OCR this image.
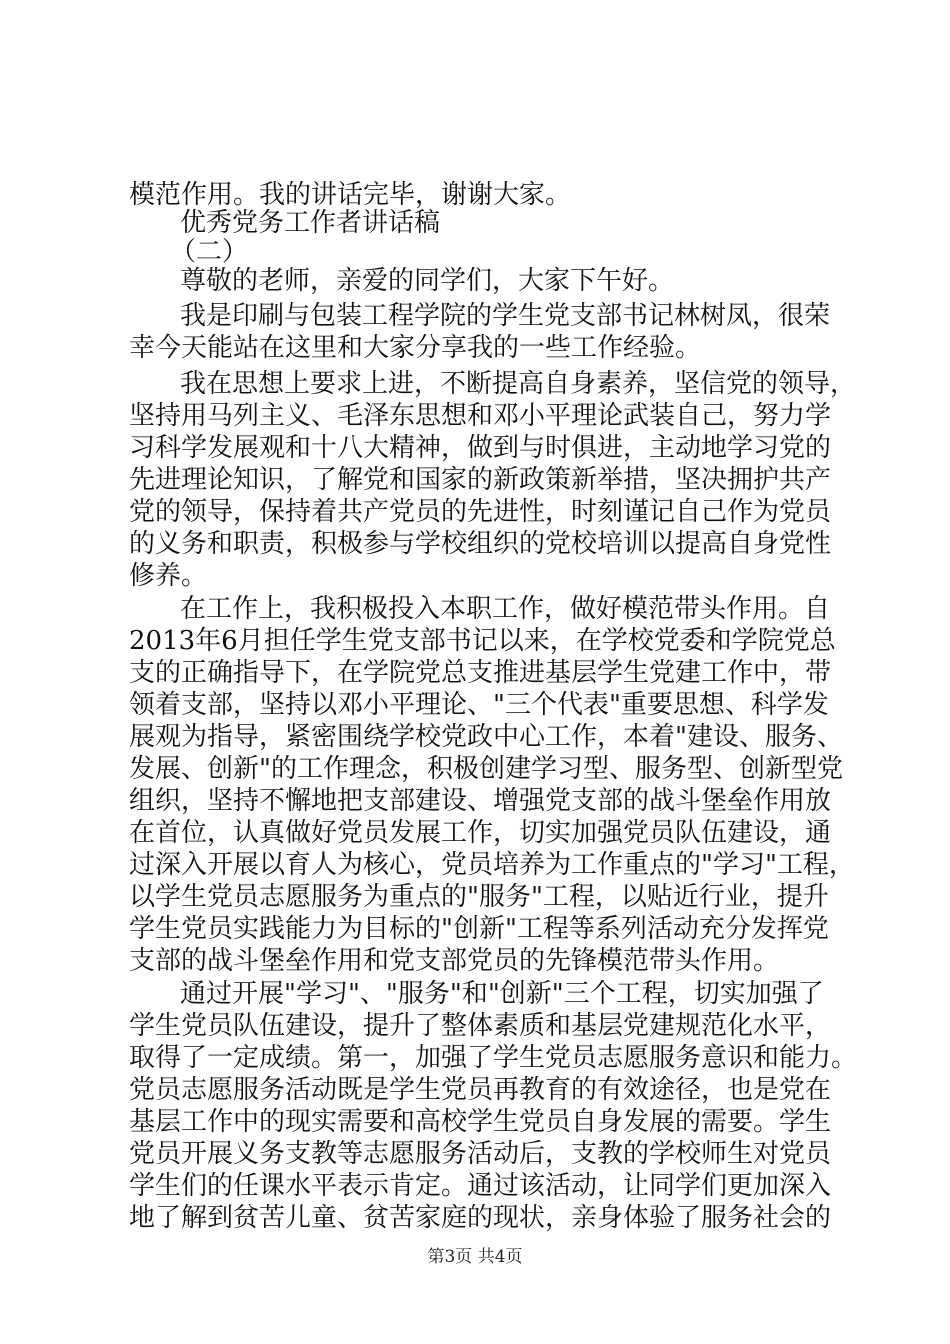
模范作用。我的讲话完毕，谢谢大家。
优秀党务工作者讲话稿
（二）
尊敬的老师，亲爱的同学们，大家下午好。
我是印刷与包装工程学院的学生党支部书记林树凤，很荣
幸今天能站在这里和大家分享我的一些工作经验。
我在思想上要求上进，不断提高自身素养，坚信党的领导，
坚持用马列主义、毛泽东思想和邓小平理论武装自己，努力学
习科学发展观和十八大精神，做到与时俱进，主动地学习党的
先进理论知识，了解党和国家的新政策新举措，坚决拥护共产
党的领导，保持着共产党员的先进性，时刻谨记自己作为党员
的义务和职责，积极参与学校组织的党校培训以提高自身党性
修养。
在工作上，我积极投入本职工作，做好模范带头作用。自
2013年6月担任学生党支部书记以来，在学校党委和学院党总
支的正确指导下，在学院党总支推进基层学生党建工作中，带
领着支部，坚持以邓小平理论、"三个代表"重要思想、科学发
展观为指导，紧密围绕学校党政中心工作，本着"建设、服务、
发展、创新"的工作理念，积极创建学习型、服务型、创新型党
组织，坚持不懈地把支部建设、增强党支部的战斗堡垒作用放
在首位，认真做好党员发展工作，切实加强党员队伍建设，通
过深入开展以育人为核心，党员培养为工作重点的"学习"工程，
以学生党员志愿服务为重点的"服务"工程，以贴近行业，提升
学生党员实践能力为目标的"创新"工程等系列活动充分发挥党
支部的战斗堡垒作用和党支部党员的先锋模范带头作用。
通过开展"学习"、"服务"和"创新"三个工程，切实加强了
学生党员队伍建设，提升了整体素质和基层党建规范化水平，
取得了一定成绩。第一，加强了学生党员志愿服务意识和能力。
党员志愿服务活动既是学生党员再教育的有效途径，也是党在
基层工作中的现实需要和高校学生党员自身发展的需要。学生
党员开展义务支教等志愿服务活动后，支教的学校师生对党员
学生们的任课水平表示肯定。通过该活动，让同学们更加深入
地了解到贫苦儿童、贫苦家庭的现状，亲身体验了服务社会的
第3页 共4页
